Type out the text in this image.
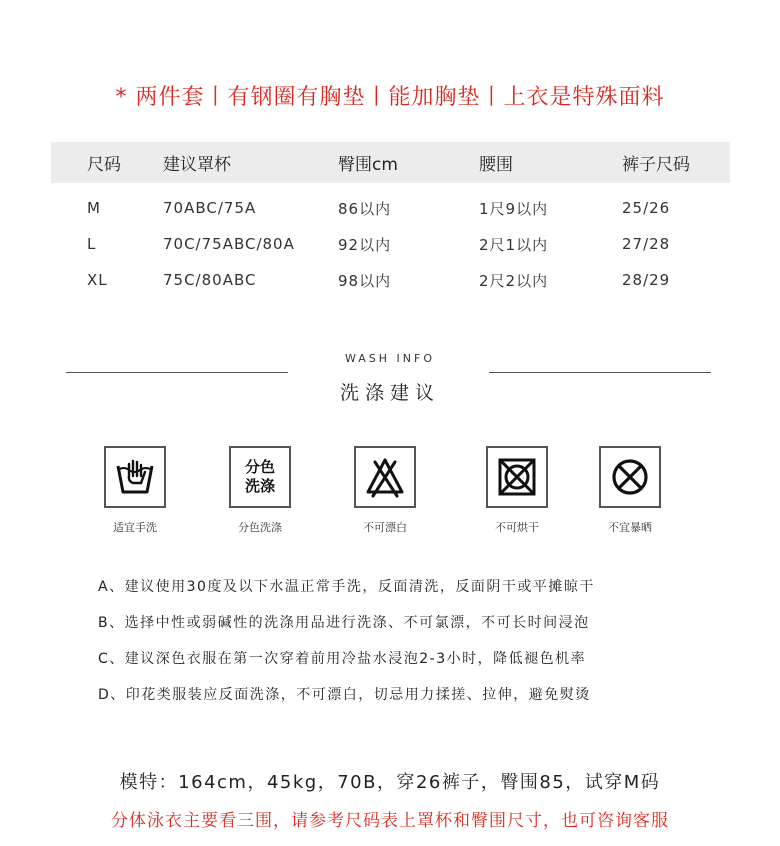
* 两件套丨有钢圈有胸垫丨能加胸垫丨上衣是特殊面料
尺码 建议罩杯	臀围cm	腰围	裤子尺码
M	70ABC/75A	86以内	1尺9以内	25/26
L	70C/75ABC/80A	92以内	2尺1以内	27/28
XL	75C/80ABC	98以内	2尺2以内	28/29
WASH INFO
洗涤建议
适宜手洗
分色
洗涤
分色洗涤	不可漂白	不可烘干	不宜暴晒
A、建议使用30度及以下水温正常手洗，反面清洗，反面阴干或平摊晾干
B、选择中性或弱碱性的洗涤用品进行洗涤、不可氯漂，不可长时间浸泡
C、建议深色衣服在第一次穿着前用冷盐水浸泡2-3小时，降低褪色机率
D、印花类服装应反面洗涤，不可漂白，切忌用力揉搓、拉伸，避免熨烫
模特：164cm，45kg，70B，穿26裤子，臀围85，试穿M码
分体泳衣主要看三围，请参考尺码表上罩杯和臀围尺寸，也可咨询客服
